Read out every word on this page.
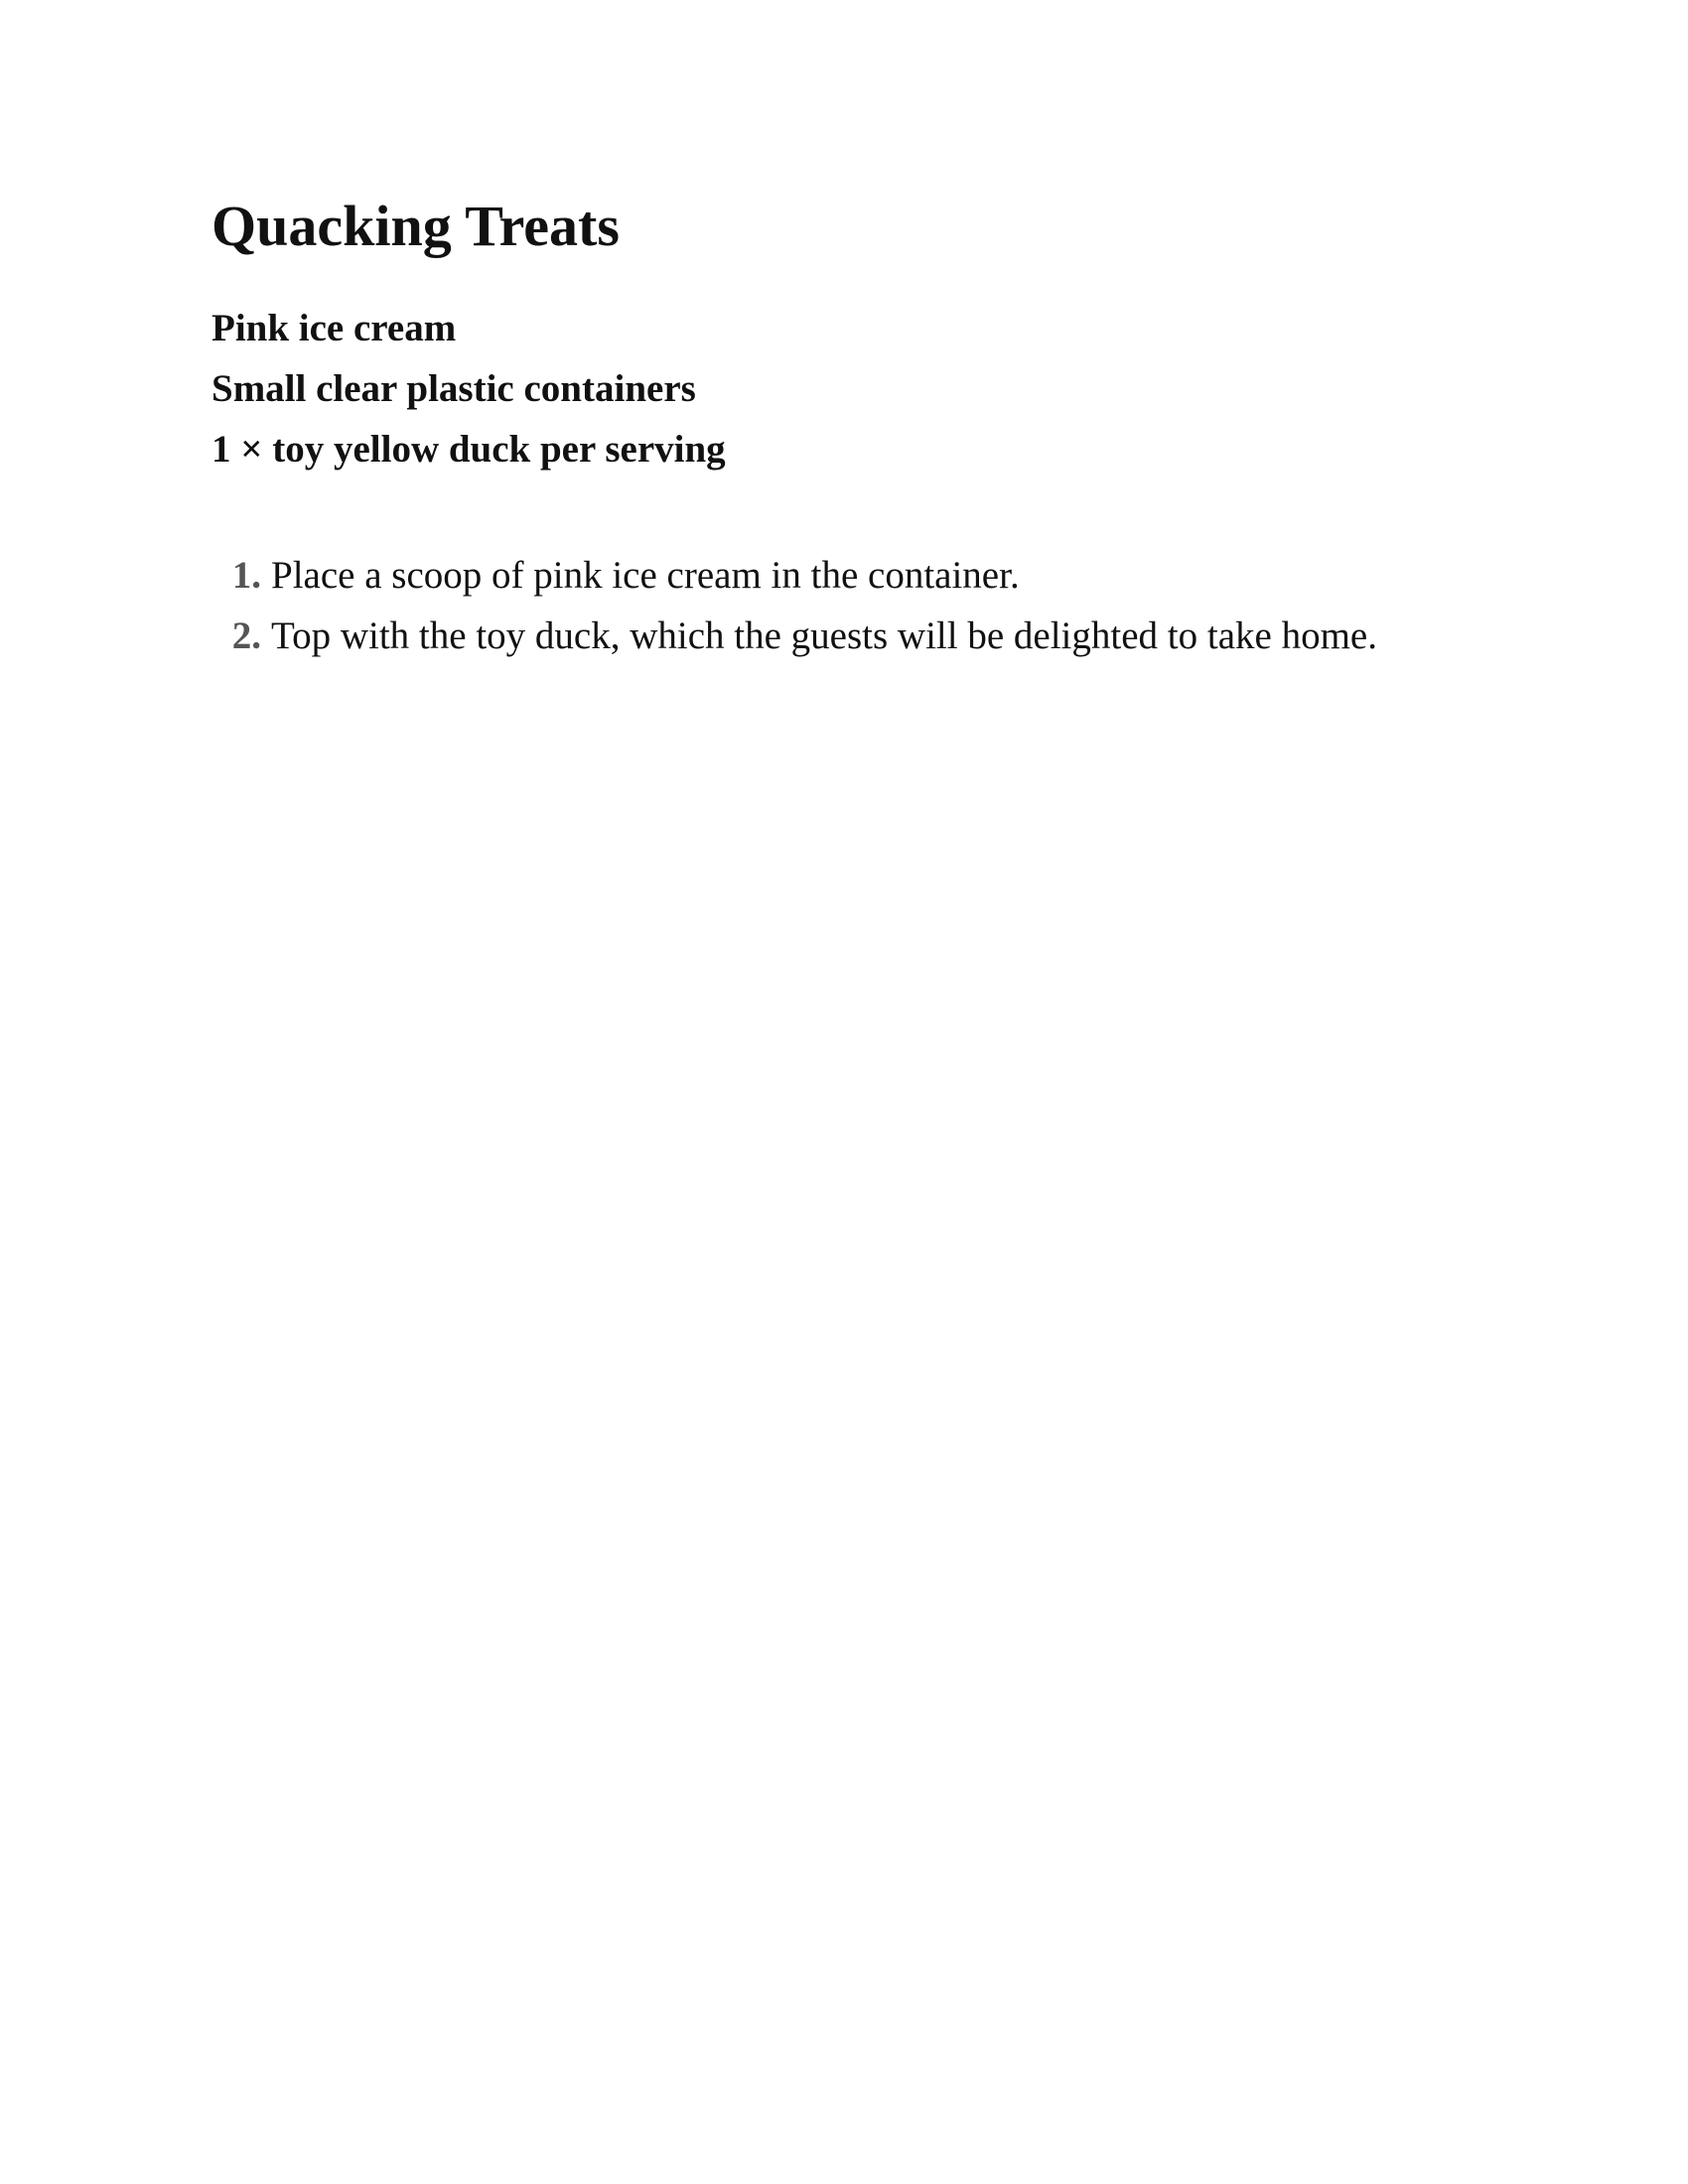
Quacking Treats
Pink ice cream
Small clear plastic containers
1 × toy yellow duck per serving
1. Place a scoop of pink ice cream in the container.
2. Top with the toy duck, which the guests will be delighted to take home.
